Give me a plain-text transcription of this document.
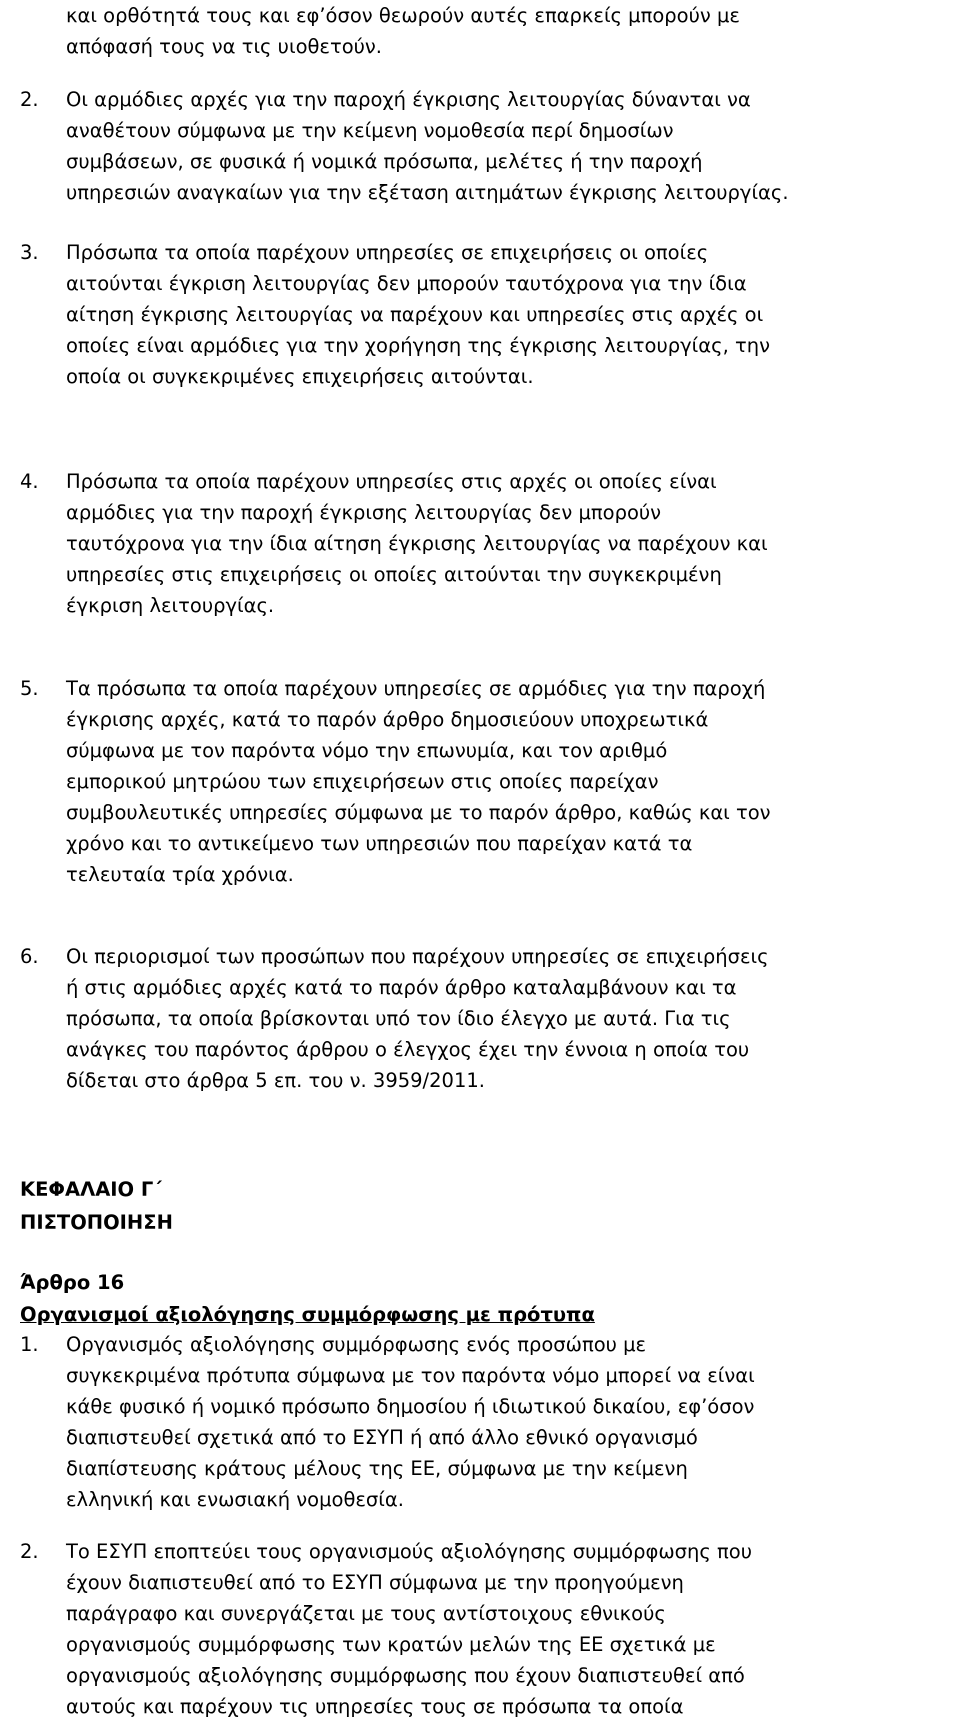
και ορθότητά τους και εφ’όσον θεωρούν αυτές επαρκείς μπορούν με
απόφασή τους να τις υιοθετούν.

2. Οι αρμόδιες αρχές για την παροχή έγκρισης λειτουργίας δύνανται να
αναθέτουν σύμφωνα με την κείμενη νομοθεσία περί δημοσίων
συμβάσεων, σε φυσικά ή νομικά πρόσωπα, μελέτες ή την παροχή
υπηρεσιών αναγκαίων για την εξέταση αιτημάτων έγκρισης λειτουργίας.

3. Πρόσωπα τα οποία παρέχουν υπηρεσίες σε επιχειρήσεις οι οποίες
αιτούνται έγκριση λειτουργίας δεν μπορούν ταυτόχρονα για την ίδια
αίτηση έγκρισης λειτουργίας να παρέχουν και υπηρεσίες στις αρχές οι
οποίες είναι αρμόδιες για την χορήγηση της έγκρισης λειτουργίας, την
οποία οι συγκεκριμένες επιχειρήσεις αιτούνται.

4. Πρόσωπα τα οποία παρέχουν υπηρεσίες στις αρχές οι οποίες είναι
αρμόδιες για την παροχή έγκρισης λειτουργίας δεν μπορούν
ταυτόχρονα για την ίδια αίτηση έγκρισης λειτουργίας να παρέχουν και
υπηρεσίες στις επιχειρήσεις οι οποίες αιτούνται την συγκεκριμένη
έγκριση λειτουργίας.

5. Τα πρόσωπα τα οποία παρέχουν υπηρεσίες σε αρμόδιες για την παροχή
έγκρισης αρχές, κατά το παρόν άρθρο δημοσιεύουν υποχρεωτικά
σύμφωνα με τον παρόντα νόμο την επωνυμία, και τον αριθμό
εμπορικού μητρώου των επιχειρήσεων στις οποίες παρείχαν
συμβουλευτικές υπηρεσίες σύμφωνα με το παρόν άρθρο, καθώς και τον
χρόνο και το αντικείμενο των υπηρεσιών που παρείχαν κατά τα
τελευταία τρία χρόνια.

6. Οι περιορισμοί των προσώπων που παρέχουν υπηρεσίες σε επιχειρήσεις
ή στις αρμόδιες αρχές κατά το παρόν άρθρο καταλαμβάνουν και τα
πρόσωπα, τα οποία βρίσκονται υπό τον ίδιο έλεγχο με αυτά. Για τις
ανάγκες του παρόντος άρθρου ο έλεγχος έχει την έννοια η οποία του
δίδεται στο άρθρα 5 επ. του ν. 3959/2011.

ΚΕΦΑΛΑΙΟ Γ΄

ΠΙΣΤΟΠΟΙΗΣΗ

Άρθρο 16

Οργανισμοί αξιολόγησης συμμόρφωσης με πρότυπα

1. Οργανισμός αξιολόγησης συμμόρφωσης ενός προσώπου με
συγκεκριμένα πρότυπα σύμφωνα με τον παρόντα νόμο μπορεί να είναι
κάθε φυσικό ή νομικό πρόσωπο δημοσίου ή ιδιωτικού δικαίου, εφ’όσον
διαπιστευθεί σχετικά από το ΕΣΥΠ ή από άλλο εθνικό οργανισμό
διαπίστευσης κράτους μέλους της ΕΕ, σύμφωνα με την κείμενη
ελληνική και ενωσιακή νομοθεσία.

2. Το ΕΣΥΠ εποπτεύει τους οργανισμούς αξιολόγησης συμμόρφωσης που
έχουν διαπιστευθεί από το ΕΣΥΠ σύμφωνα με την προηγούμενη
παράγραφο και συνεργάζεται με τους αντίστοιχους εθνικούς
οργανισμούς συμμόρφωσης των κρατών μελών της ΕΕ σχετικά με
οργανισμούς αξιολόγησης συμμόρφωσης που έχουν διαπιστευθεί από
αυτούς και παρέχουν τις υπηρεσίες τους σε πρόσωπα τα οποία
